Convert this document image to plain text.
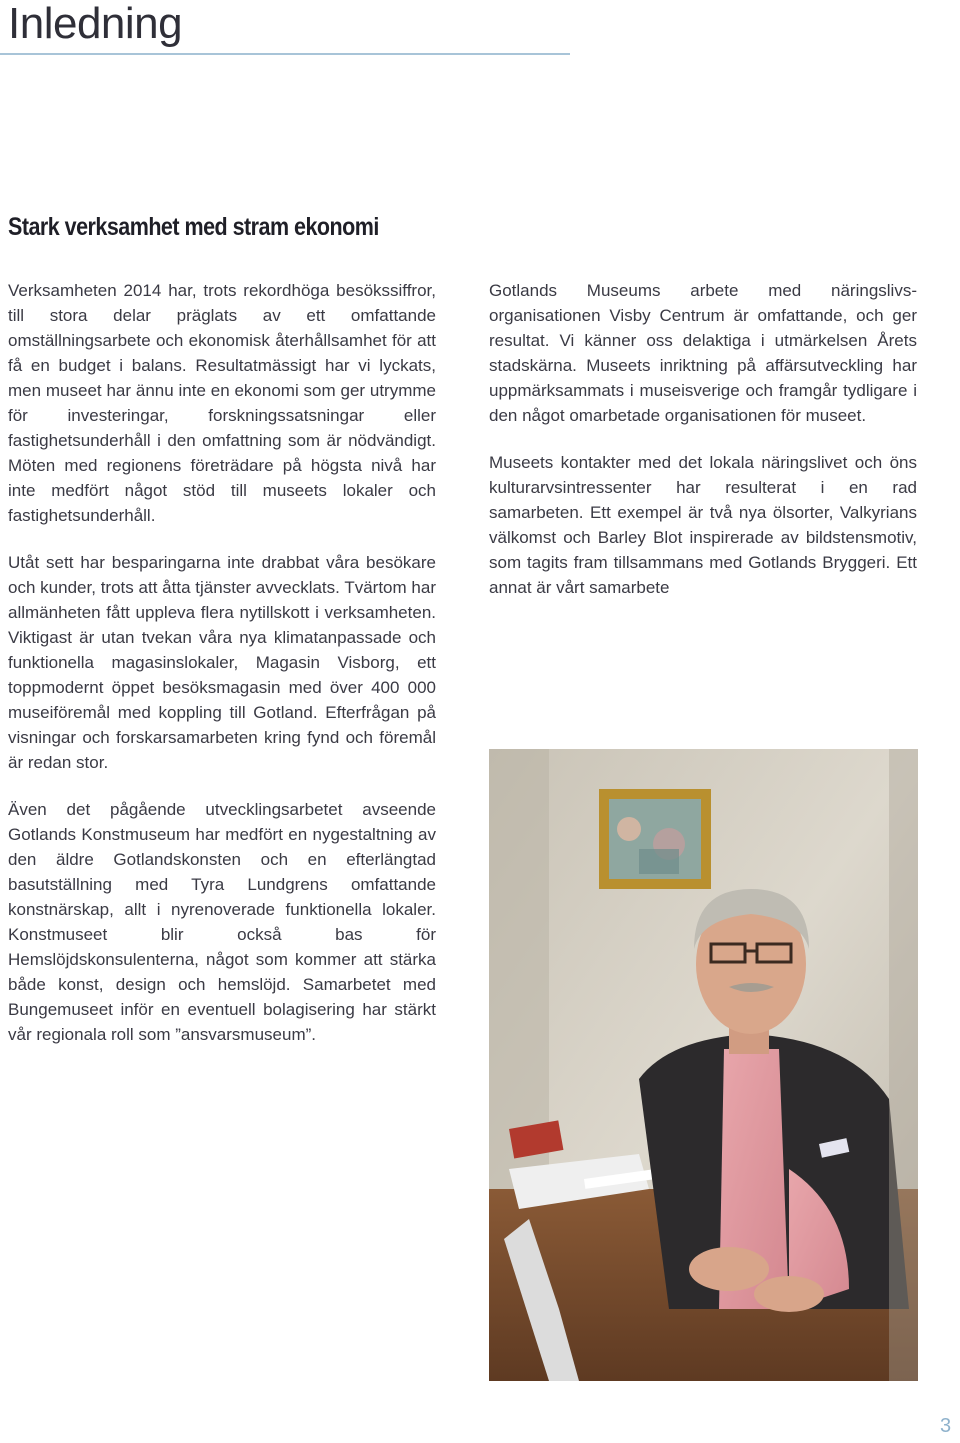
Inledning
Stark verksamhet med stram ekonomi

Verksamheten 2014 har, trots rekordhöga besökssiffror, till stora delar präglats av ett omfattande omställningsarbete och ekonomisk återhållsamhet för att få en budget i balans. Resultatmässigt har vi lyckats, men museet har ännu inte en ekonomi som ger utrymme för investeringar, forskningssatsningar eller fastighetsunderhåll i den omfattning som är nödvändigt. Möten med regionens företrädare på högsta nivå har inte medfört något stöd till museets lokaler och fastighetsunderhåll.

Utåt sett har besparingarna inte drabbat våra besökare och kunder, trots att åtta tjänster avvecklats. Tvärtom har allmänheten fått uppleva flera nytillskott i verksamheten. Viktigast är utan tvekan våra nya klimatanpassade och funktionella magasinslokaler, Magasin Visborg, ett toppmodernt öppet besöksmagasin med över 400 000 museiföremål med koppling till Gotland. Efterfrågan på visningar och forskarsamarbeten kring fynd och föremål är redan stor.

Även det pågående utvecklingsarbetet avseende Gotlands Konstmuseum har medfört en nygestaltning av den äldre Gotlandskonsten och en efterlängtad basutställning med Tyra Lundgrens omfattande konstnärskap, allt i nyrenoverade funktionella lokaler. Konstmuseet blir också bas för Hemslöjdskonsulenterna, något som kommer att stärka både konst, design och hemslöjd. Samarbetet med Bungemuseet inför en eventuell bolagisering har stärkt vår regionala roll som ”ansvarsmuseum”.

Gotlands Museums arbete med näringslivsorganisationen Visby Centrum är omfattande, och ger resultat. Vi känner oss delaktiga i utmärkelsen Årets stadskärna. Museets inriktning på affärsutveckling har uppmärksammats i museisverige och framgår tydligare i den något omarbetade organisationen för museet.

Museets kontakter med det lokala näringslivet och öns kulturarvsintressenter har resulterat i en rad samarbeten. Ett exempel är två nya ölsorter, Valkyrians välkomst och Barley Blot inspirerade av bildstensmotiv, som tagits fram tillsammans med Gotlands Bryggeri. Ett annat är vårt samarbete

3
